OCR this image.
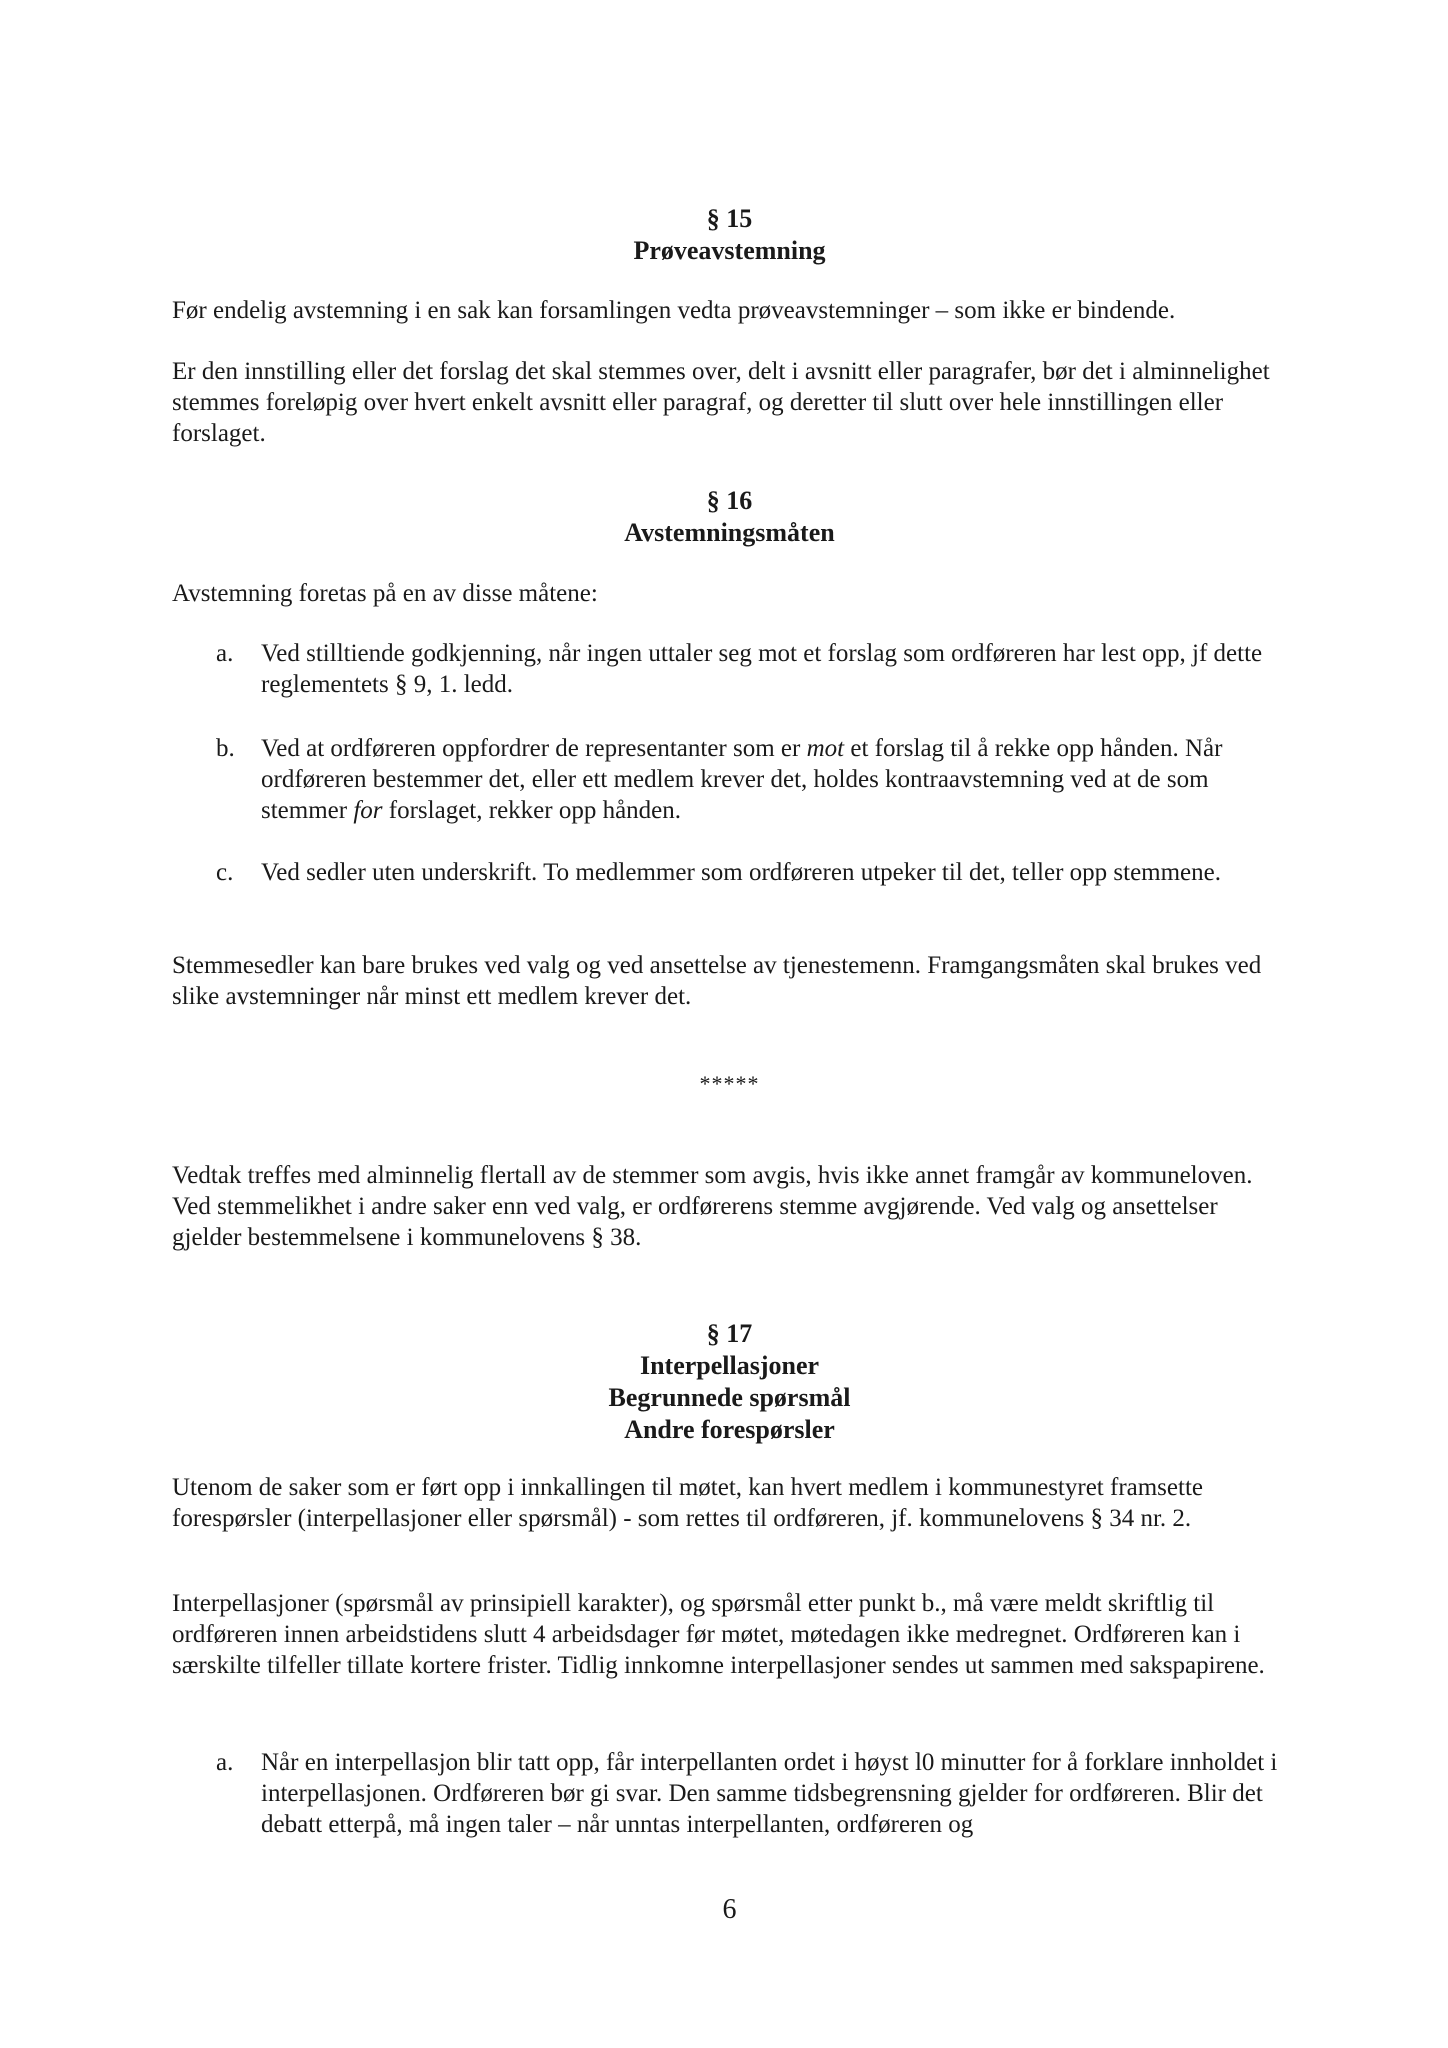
§ 15
Prøveavstemning

Før endelig avstemning i en sak kan forsamlingen vedta prøveavstemninger – som ikke er bindende.

Er den innstilling eller det forslag det skal stemmes over, delt i avsnitt eller paragrafer, bør det i alminnelighet stemmes foreløpig over hvert enkelt avsnitt eller paragraf, og deretter til slutt over hele innstillingen eller forslaget.

§ 16
Avstemningsmåten

Avstemning foretas på en av disse måtene:

a.	Ved stilltiende godkjenning, når ingen uttaler seg mot et forslag som ordføreren har lest opp, jf dette reglementets § 9, 1. ledd.
b.	Ved at ordføreren oppfordrer de representanter som er mot et forslag til å rekke opp hånden. Når ordføreren bestemmer det, eller ett medlem krever det, holdes kontraavstemning ved at de som stemmer for forslaget, rekker opp hånden.
c.	Ved sedler uten underskrift. To medlemmer som ordføreren utpeker til det, teller opp stemmene.

Stemmesedler kan bare brukes ved valg og ved ansettelse av tjenestemenn. Framgangsmåten skal brukes ved slike avstemninger når minst ett medlem krever det.

*****

Vedtak treffes med alminnelig flertall av de stemmer som avgis, hvis ikke annet framgår av kommuneloven. Ved stemmelikhet i andre saker enn ved valg, er ordførerens stemme avgjørende. Ved valg og ansettelser gjelder bestemmelsene i kommunelovens § 38.

§ 17
Interpellasjoner
Begrunnede spørsmål
Andre forespørsler

Utenom de saker som er ført opp i innkallingen til møtet, kan hvert medlem i kommunestyret framsette forespørsler (interpellasjoner eller spørsmål) - som rettes til ordføreren, jf. kommunelovens § 34 nr. 2.

Interpellasjoner (spørsmål av prinsipiell karakter), og spørsmål etter punkt b., må være meldt skriftlig til ordføreren innen arbeidstidens slutt 4 arbeidsdager før møtet, møtedagen ikke medregnet. Ordføreren kan i særskilte tilfeller tillate kortere frister. Tidlig innkomne interpellasjoner sendes ut sammen med sakspapirene.

a.	Når en interpellasjon blir tatt opp, får interpellanten ordet i høyst l0 minutter for å forklare innholdet i interpellasjonen. Ordføreren bør gi svar. Den samme tidsbegrensning gjelder for ordføreren. Blir det debatt etterpå, må ingen taler – når unntas interpellanten, ordføreren og
6
